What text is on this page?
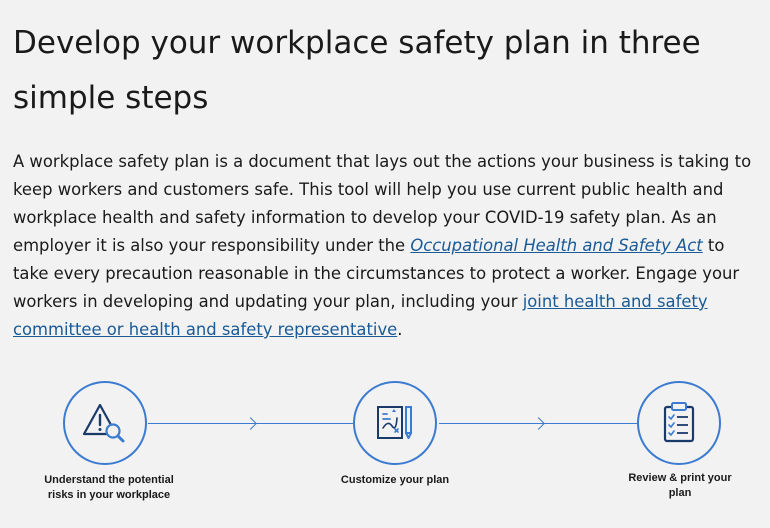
Develop your workplace safety plan in three simple steps

A workplace safety plan is a document that lays out the actions your business is taking to keep workers and customers safe. This tool will help you use current public health and workplace health and safety information to develop your COVID-19 safety plan. As an employer it is also your responsibility under the Occupational Health and Safety Act to take every precaution reasonable in the circumstances to protect a worker. Engage your workers in developing and updating your plan, including your joint health and safety committee or health and safety representative.

Understand the potential risks in your workplace
Customize your plan	Review & print your plan
